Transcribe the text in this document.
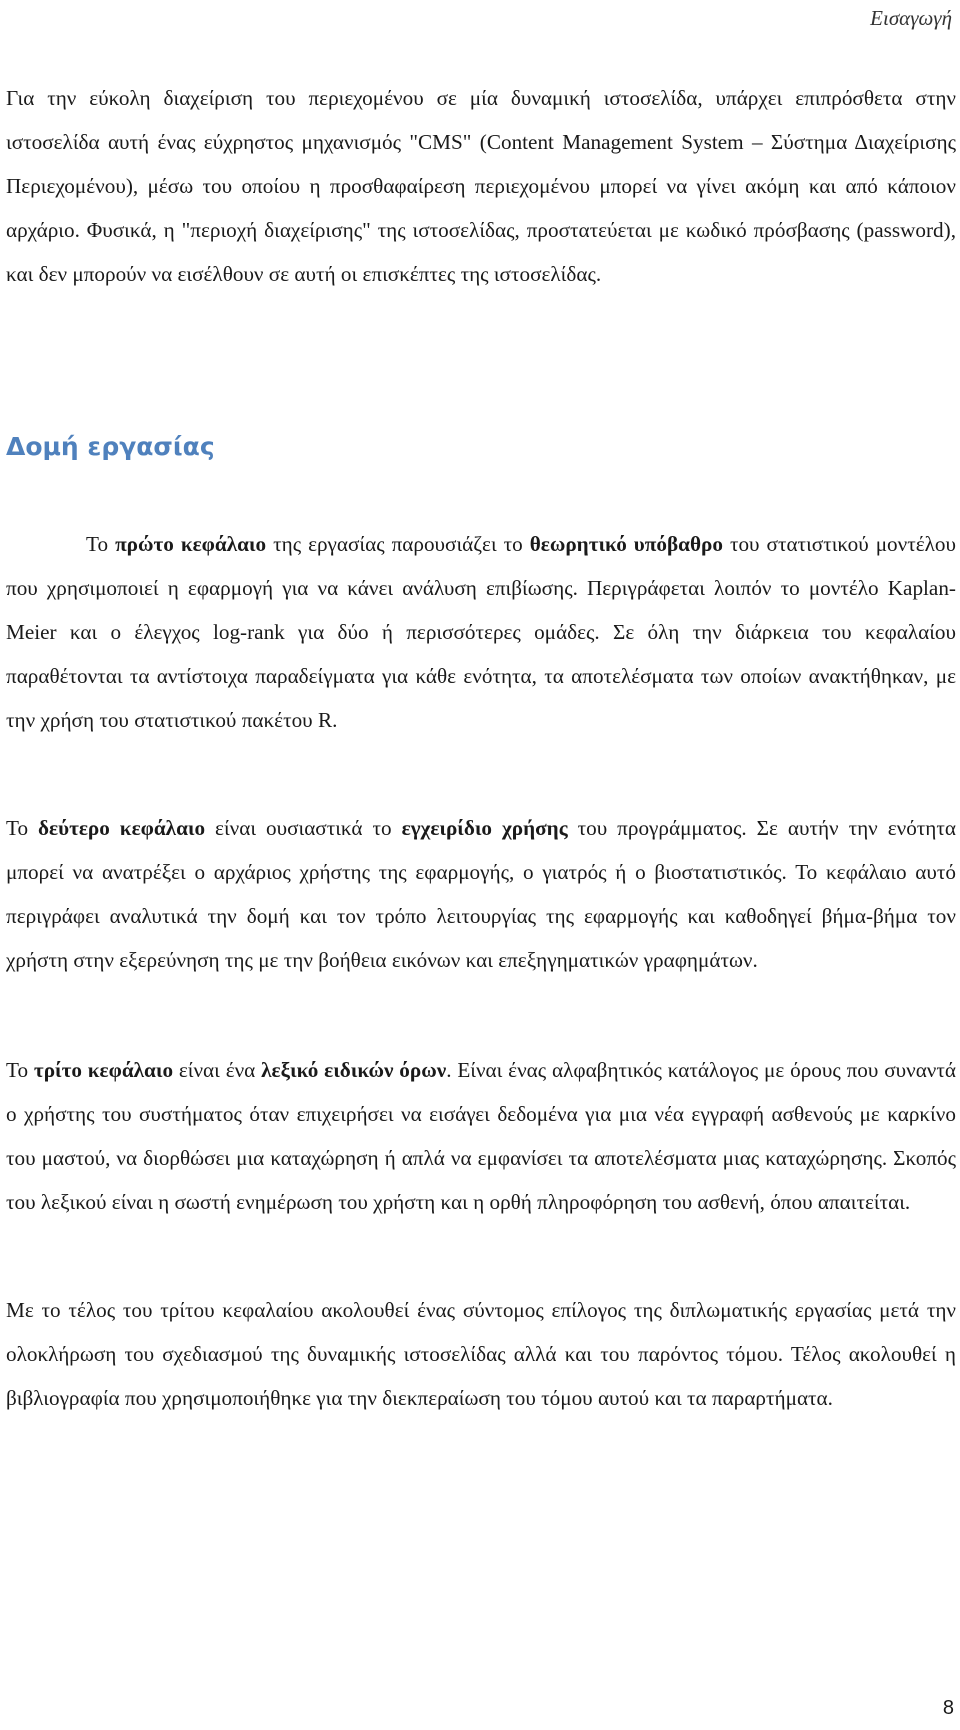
Εισαγωγή

Για την εύκολη διαχείριση του περιεχομένου σε μία δυναμική ιστοσελίδα, υπάρχει επιπρόσθετα στην ιστοσελίδα αυτή ένας εύχρηστος μηχανισμός "CMS" (Content Management System – Σύστημα Διαχείρισης Περιεχομένου), μέσω του οποίου η προσθαφαίρεση περιεχομένου μπορεί να γίνει ακόμη και από κάποιον αρχάριο. Φυσικά, η "περιοχή διαχείρισης" της ιστοσελίδας, προστατεύεται με κωδικό πρόσβασης (password), και δεν μπορούν να εισέλθουν σε αυτή οι επισκέπτες της ιστοσελίδας.

Δομή εργασίας

Το πρώτο κεφάλαιο της εργασίας παρουσιάζει το θεωρητικό υπόβαθρο του στατιστικού μοντέλου που χρησιμοποιεί η εφαρμογή για να κάνει ανάλυση επιβίωσης. Περιγράφεται λοιπόν το μοντέλο Kaplan-Meier και ο έλεγχος log-rank για δύο ή περισσότερες ομάδες. Σε όλη την διάρκεια του κεφαλαίου παραθέτονται τα αντίστοιχα παραδείγματα για κάθε ενότητα, τα αποτελέσματα των οποίων ανακτήθηκαν, με την χρήση του στατιστικού πακέτου R.

Το δεύτερο κεφάλαιο είναι ουσιαστικά το εγχειρίδιο χρήσης του προγράμματος. Σε αυτήν την ενότητα μπορεί να ανατρέξει ο αρχάριος χρήστης της εφαρμογής, ο γιατρός ή ο βιοστατιστικός. Το κεφάλαιο αυτό περιγράφει αναλυτικά την δομή και τον τρόπο λειτουργίας της εφαρμογής και καθοδηγεί βήμα-βήμα τον χρήστη στην εξερεύνηση της με την βοήθεια εικόνων και επεξηγηματικών γραφημάτων.

Το τρίτο κεφάλαιο είναι ένα λεξικό ειδικών όρων. Είναι ένας αλφαβητικός κατάλογος με όρους που συναντά ο χρήστης του συστήματος όταν επιχειρήσει να εισάγει δεδομένα για μια νέα εγγραφή ασθενούς με καρκίνο του μαστού, να διορθώσει μια καταχώρηση ή απλά να εμφανίσει τα αποτελέσματα μιας καταχώρησης. Σκοπός του λεξικού είναι η σωστή ενημέρωση του χρήστη και η ορθή πληροφόρηση του ασθενή, όπου απαιτείται.

Με το τέλος του τρίτου κεφαλαίου ακολουθεί ένας σύντομος επίλογος της διπλωματικής εργασίας μετά την ολοκλήρωση του σχεδιασμού της δυναμικής ιστοσελίδας αλλά και του παρόντος τόμου. Τέλος ακολουθεί η βιβλιογραφία που χρησιμοποιήθηκε για την διεκπεραίωση του τόμου αυτού και τα παραρτήματα.

8
